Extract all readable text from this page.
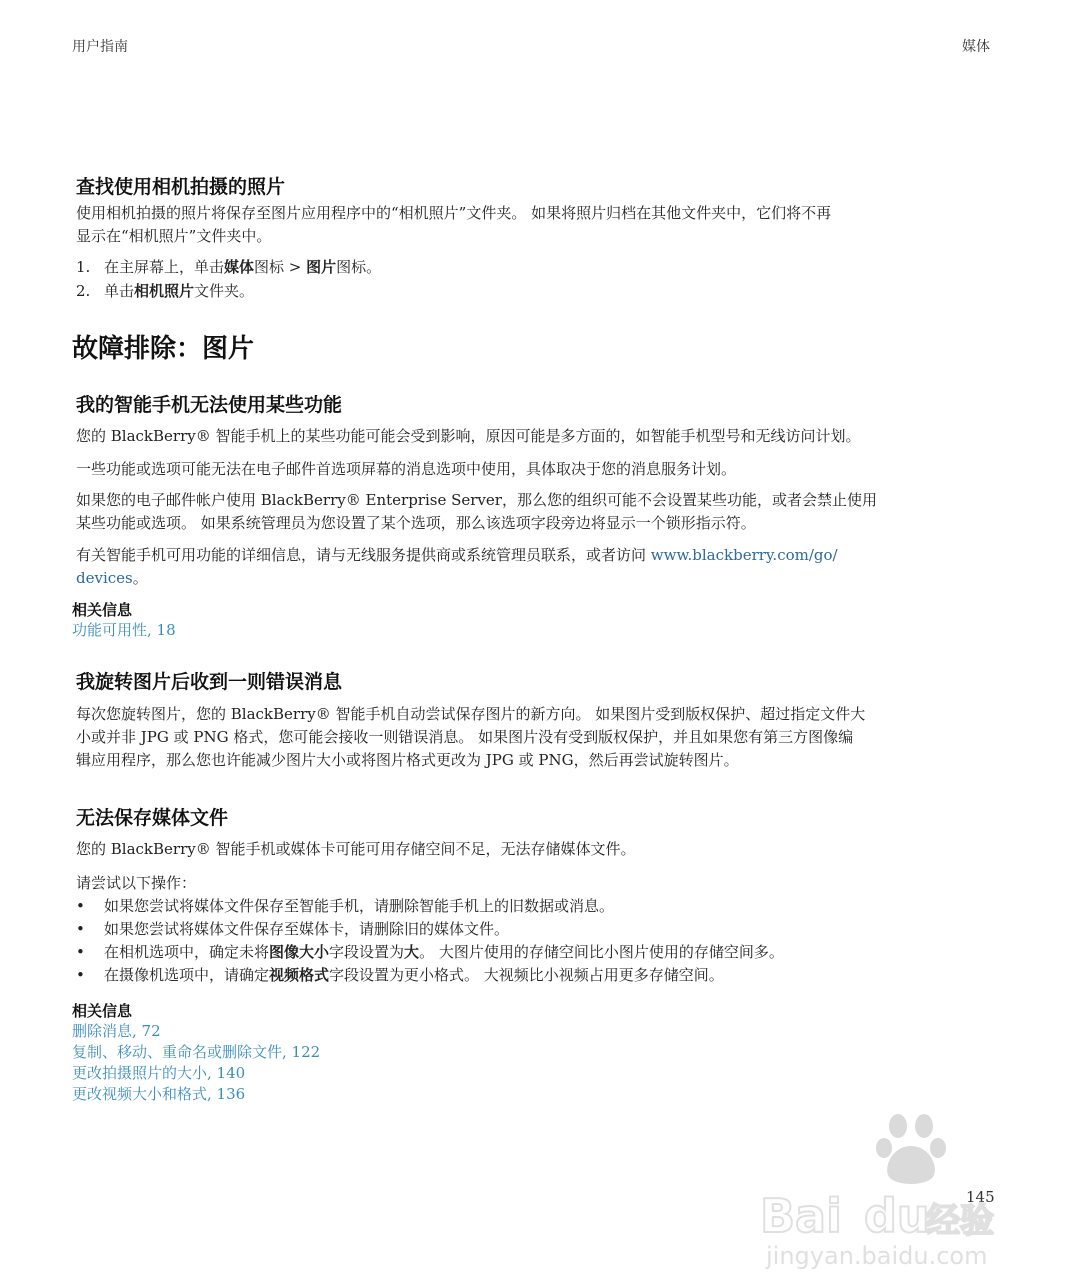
用户指南	媒体
查找使用相机拍摄的照片
使用相机拍摄的照片将保存至图片应用程序中的“相机照片”文件夹。 如果将照片归档在其他文件夹中，它们将不再
显示在“相机照片”文件夹中。
1. 在主屏幕上，单击媒体图标 > 图片图标。
2. 单击相机照片文件夹。
故障排除：图片
我的智能手机无法使用某些功能
您的 BlackBerry® 智能手机上的某些功能可能会受到影响，原因可能是多方面的，如智能手机型号和无线访问计划。
一些功能或选项可能无法在电子邮件首选项屏幕的消息选项中使用，具体取决于您的消息服务计划。
如果您的电子邮件帐户使用 BlackBerry® Enterprise Server，那么您的组织可能不会设置某些功能，或者会禁止使用
某些功能或选项。 如果系统管理员为您设置了某个选项，那么该选项字段旁边将显示一个锁形指示符。
有关智能手机可用功能的详细信息，请与无线服务提供商或系统管理员联系，或者访问 www.blackberry.com/go/
devices。
相关信息
功能可用性, 18
我旋转图片后收到一则错误消息
每次您旋转图片，您的 BlackBerry® 智能手机自动尝试保存图片的新方向。 如果图片受到版权保护、超过指定文件大
小或并非 JPG 或 PNG 格式，您可能会接收一则错误消息。 如果图片没有受到版权保护，并且如果您有第三方图像编
辑应用程序，那么您也许能减少图片大小或将图片格式更改为 JPG 或 PNG，然后再尝试旋转图片。
无法保存媒体文件
您的 BlackBerry® 智能手机或媒体卡可能可用存储空间不足，无法存储媒体文件。
请尝试以下操作：
• 如果您尝试将媒体文件保存至智能手机，请删除智能手机上的旧数据或消息。
• 如果您尝试将媒体文件保存至媒体卡，请删除旧的媒体文件。
• 在相机选项中，确定未将图像大小字段设置为大。 大图片使用的存储空间比小图片使用的存储空间多。
• 在摄像机选项中，请确定视频格式字段设置为更小格式。 大视频比小视频占用更多存储空间。
相关信息
删除消息, 72
复制、移动、重命名或删除文件, 122
更改拍摄照片的大小, 140
更改视频大小和格式, 136
145
Bai du
经验
jingyan.baidu.com
